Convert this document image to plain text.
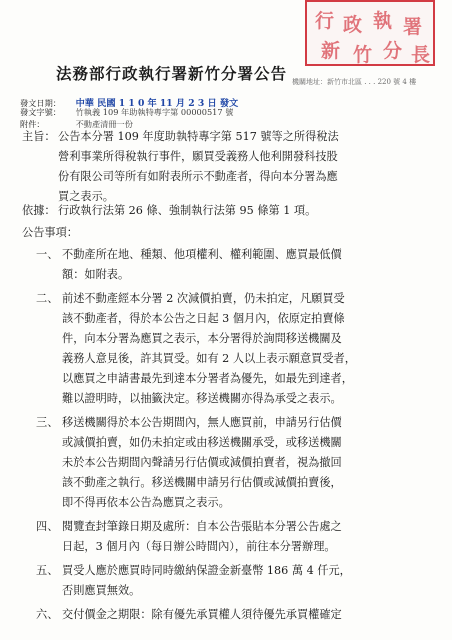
行 政 執 署
新 竹 分 長
法務部行政執行署新竹分署公告 機關地址：新竹市北區 . . . 220 號 4 樓
發文日期： 中華 民國 1 1 0 年 11 月 2 3 日 發文
發文字號： 竹執義 109 年助執特專字第 00000517 號
附件：	不動產清冊一份
主旨： 公告本分署 109 年度助執特專字第 517 號等之所得稅法
營利事業所得稅執行事件，願買受義務人他利開發科技股
份有限公司等所有如附表所示不動產者，得向本分署為應
買之表示。
依據： 行政執行法第 26 條、強制執行法第 95 條第 1 項。
公告事項：
一、 不動產所在地、種類、他項權利、權利範圍、應買最低價
額：如附表。
二、 前述不動產經本分署 2 次減價拍賣，仍未拍定，凡願買受
該不動產者，得於本公告之日起 3 個月內，依原定拍賣條
件，向本分署為應買之表示，本分署得於詢問移送機關及
義務人意見後，許其買受。如有 2 人以上表示願意買受者，
以應買之申請書最先到達本分署者為優先，如最先到達者，
難以證明時，以抽籤決定。移送機關亦得為承受之表示。
三、 移送機關得於本公告期間內，無人應買前，申請另行估價
或減價拍賣，如仍未拍定或由移送機關承受，或移送機關
未於本公告期間內聲請另行估價或減價拍賣者，視為撤回
該不動產之執行。移送機關申請另行估價或減價拍賣後，
即不得再依本公告為應買之表示。
四、 閱覽查封筆錄日期及處所：自本公告張貼本分署公告處之
日起，3 個月內（每日辦公時間內），前往本分署辦理。
五、 買受人應於應買時同時繳納保證金新臺幣 186 萬 4 仟元，
否則應買無效。
六、 交付價金之期限：除有優先承買權人須待優先承買權確定
